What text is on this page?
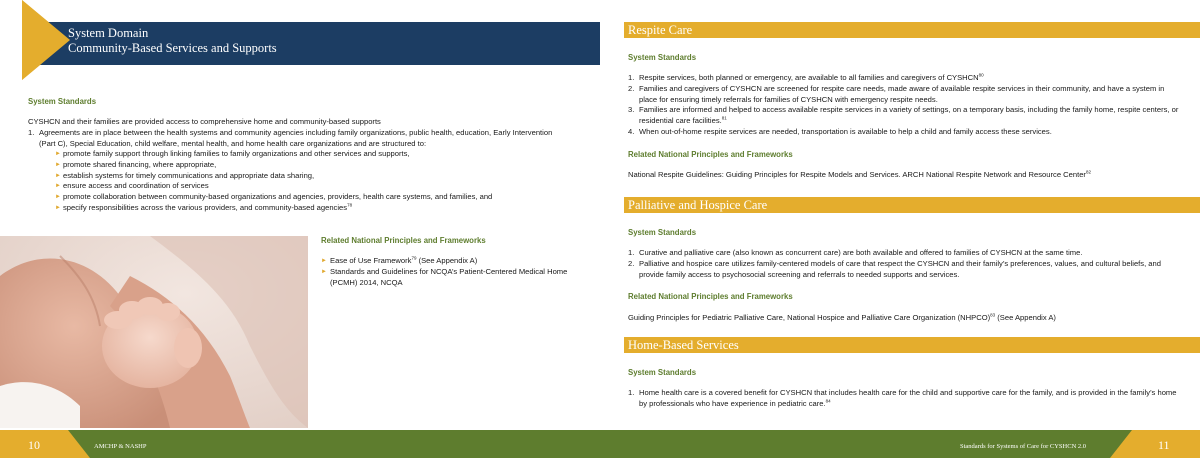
System Domain
Community-Based Services and Supports
System Standards
CYSHCN and their families are provided access to comprehensive home and community-based supports
1. Agreements are in place between the health systems and community agencies including family organizations, public health, education, Early Intervention (Part C), Special Education, child welfare, mental health, and home health care organizations and are structured to:
► promote family support through linking families to family organizations and other services and supports,
► promote shared financing, where appropriate,
► establish systems for timely communications and appropriate data sharing,
► ensure access and coordination of services
► promote collaboration between community-based organizations and agencies, providers, health care systems, and families, and
► specify responsibilities across the various providers, and community-based agencies$^{78}$
Related National Principles and Frameworks
► Ease of Use Framework$^{79}$ (See Appendix A)
► Standards and Guidelines for NCQA’s Patient-Centered Medical Home (PCMH) 2014, NCQA
Respite Care
System Standards
1. Respite services, both planned or emergency, are available to all families and caregivers of CYSHCN$^{80}$
2. Families and caregivers of CYSHCN are screened for respite care needs, made aware of available respite services in their community, and have a system in place for ensuring timely referrals for families of CYSHCN with emergency respite needs.
3. Families are informed and helped to access available respite services in a variety of settings, on a temporary basis, including the family home, respite centers, or residential care facilities.$^{81}$
4. When out-of-home respite services are needed, transportation is available to help a child and family access these services.
Related National Principles and Frameworks
National Respite Guidelines: Guiding Principles for Respite Models and Services. ARCH National Respite Network and Resource Center$^{82}$
Palliative and Hospice Care
System Standards
1. Curative and palliative care (also known as concurrent care) are both available and offered to families of CYSHCN at the same time.
2. Palliative and hospice care utilizes family-centered models of care that respect the CYSHCN and their family’s preferences, values, and cultural beliefs, and provide family access to psychosocial screening and referrals to needed supports and services.
Related National Principles and Frameworks
Guiding Principles for Pediatric Palliative Care, National Hospice and Palliative Care Organization (NHPCO)$^{83}$ (See Appendix A)
Home-Based Services
System Standards
1. Home health care is a covered benefit for CYSHCN that includes health care for the child and supportive care for the family, and is provided in the family’s home by professionals who have experience in pediatric care.$^{84}$
10	AMCHP & NASHP	Standards for Systems of Care for CYSHCN 2.0	11
